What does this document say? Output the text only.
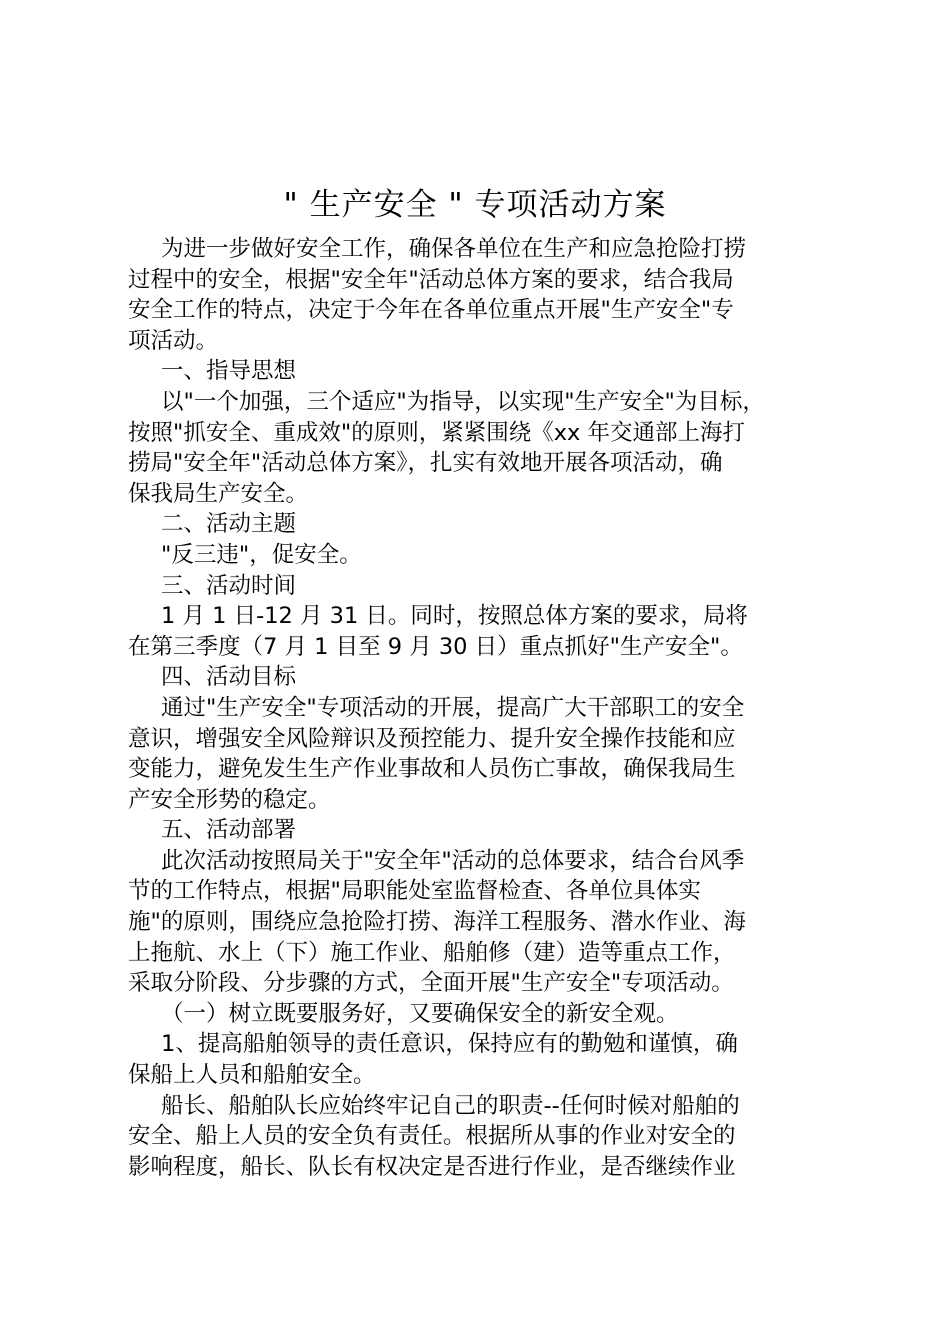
" 生产安全 " 专项活动方案
为进一步做好安全工作，确保各单位在生产和应急抢险打捞
过程中的安全，根据"安全年"活动总体方案的要求，结合我局
安全工作的特点，决定于今年在各单位重点开展"生产安全"专
项活动。
一、指导思想
以"一个加强，三个适应"为指导，以实现"生产安全"为目标，
按照"抓安全、重成效"的原则，紧紧围绕《xx 年交通部上海打
捞局"安全年"活动总体方案》，扎实有效地开展各项活动，确
保我局生产安全。
二、活动主题
"反三违"，促安全。
三、活动时间
1 月 1 日-12 月 31 日。同时，按照总体方案的要求，局将
在第三季度（7 月 1 目至 9 月 30 日）重点抓好"生产安全"。
四、活动目标
通过"生产安全"专项活动的开展，提高广大干部职工的安全
意识，增强安全风险辩识及预控能力、提升安全操作技能和应
变能力，避免发生生产作业事故和人员伤亡事故，确保我局生
产安全形势的稳定。
五、活动部署
此次活动按照局关于"安全年"活动的总体要求，结合台风季
节的工作特点，根据"局职能处室监督检查、各单位具体实
施"的原则，围绕应急抢险打捞、海洋工程服务、潜水作业、海
上拖航、水上（下）施工作业、船舶修（建）造等重点工作，
采取分阶段、分步骤的方式，全面开展"生产安全"专项活动。
（一）树立既要服务好，又要确保安全的新安全观。
1、提高船舶领导的责任意识，保持应有的勤勉和谨慎，确
保船上人员和船舶安全。
船长、船舶队长应始终牢记自己的职责--任何时候对船舶的
安全、船上人员的安全负有责任。根据所从事的作业对安全的
影响程度，船长、队长有权决定是否进行作业，是否继续作业
